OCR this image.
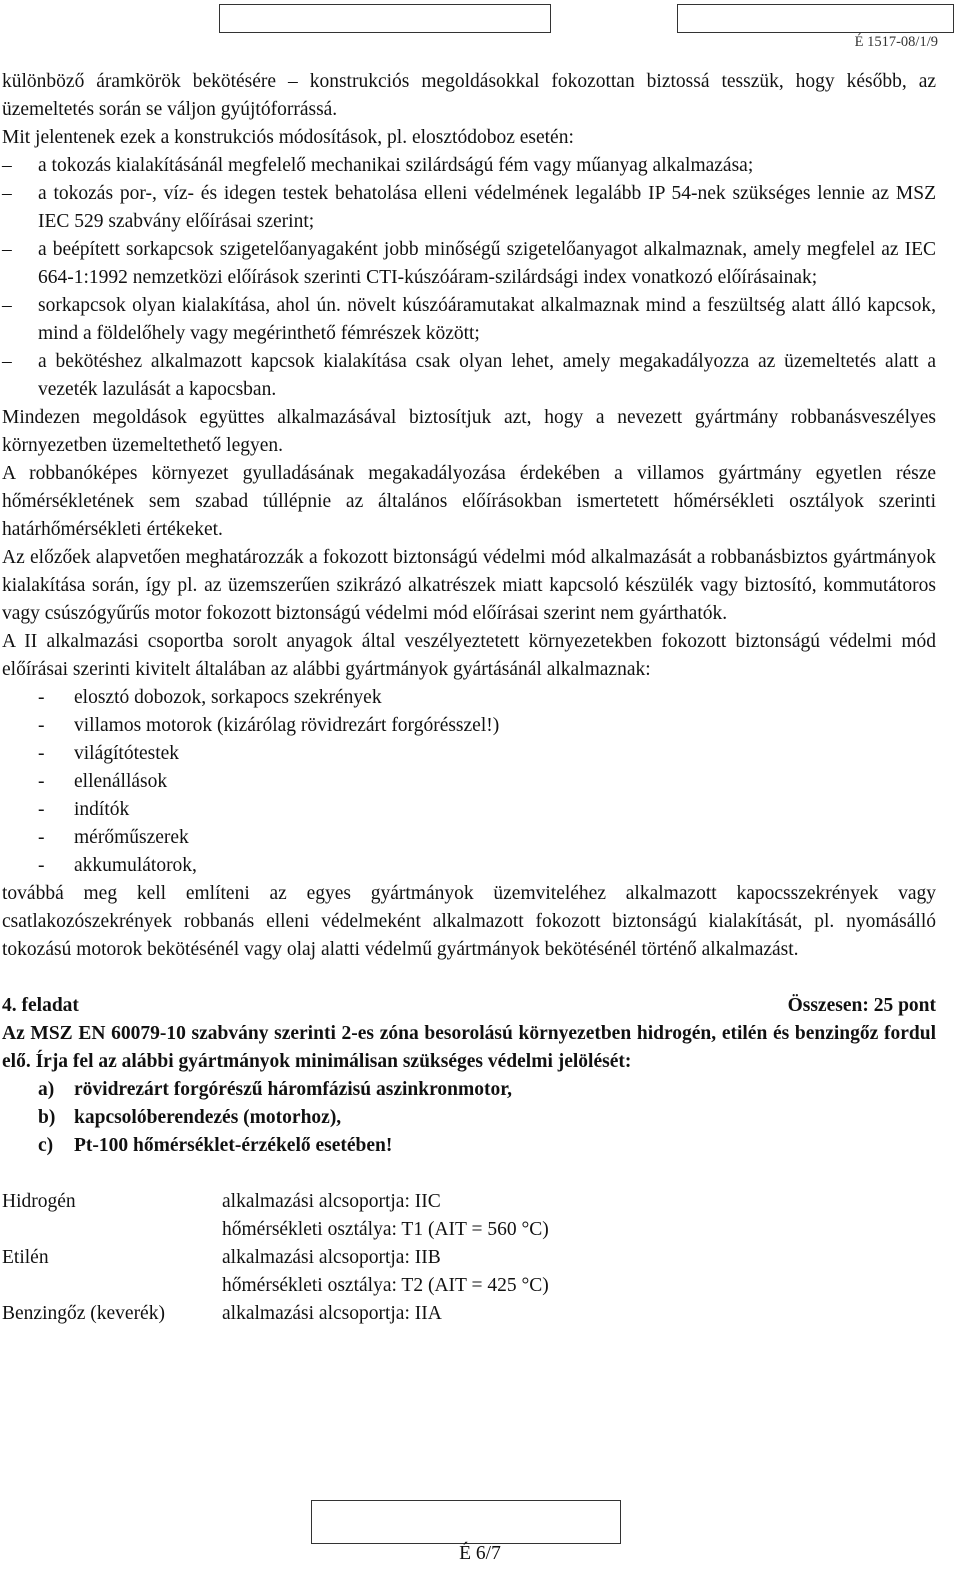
É 1517-08/1/9

különböző áramkörök bekötésére – konstrukciós megoldásokkal fokozottan biztossá tesszük, hogy később, az üzemeltetés során se váljon gyújtóforrássá.

Mit jelentenek ezek a konstrukciós módosítások, pl. elosztódoboz esetén:

– a tokozás kialakításánál megfelelő mechanikai szilárdságú fém vagy műanyag alkalmazása;
– a tokozás por-, víz- és idegen testek behatolása elleni védelmének legalább IP 54-nek szükséges lennie az MSZ IEC 529 szabvány előírásai szerint;
– a beépített sorkapcsok szigetelőanyagaként jobb minőségű szigetelőanyagot alkalmaznak, amely megfelel az IEC 664-1:1992 nemzetközi előírások szerinti CTI-kúszóáram-szilárdsági index vonatkozó előírásainak;
– sorkapcsok olyan kialakítása, ahol ún. növelt kúszóáramutakat alkalmaznak mind a feszültség alatt álló kapcsok, mind a földelőhely vagy megérinthető fémrészek között;
– a bekötéshez alkalmazott kapcsok kialakítása csak olyan lehet, amely megakadályozza az üzemeltetés alatt a vezeték lazulását a kapocsban.

Mindezen megoldások együttes alkalmazásával biztosítjuk azt, hogy a nevezett gyártmány robbanásveszélyes környezetben üzemeltethető legyen.

A robbanóképes környezet gyulladásának megakadályozása érdekében a villamos gyártmány egyetlen része hőmérsékletének sem szabad túllépnie az általános előírásokban ismertetett hőmérsékleti osztályok szerinti határhőmérsékleti értékeket.

Az előzőek alapvetően meghatározzák a fokozott biztonságú védelmi mód alkalmazását a robbanásbiztos gyártmányok kialakítása során, így pl. az üzemszerűen szikrázó alkatrészek miatt kapcsoló készülék vagy biztosító, kommutátoros vagy csúszógyűrűs motor fokozott biztonságú védelmi mód előírásai szerint nem gyárthatók.

A II alkalmazási csoportba sorolt anyagok által veszélyeztetett környezetekben fokozott biztonságú védelmi mód előírásai szerinti kivitelt általában az alábbi gyártmányok gyártásánál alkalmaznak:

- elosztó dobozok, sorkapocs szekrények
- villamos motorok (kizárólag rövidrezárt forgórésszel!)
- világítótestek
- ellenállások
- indítók
- mérőműszerek
- akkumulátorok,

továbbá meg kell említeni az egyes gyártmányok üzemviteléhez alkalmazott kapocsszekrények vagy csatlakozószekrények robbanás elleni védelmeként alkalmazott fokozott biztonságú kialakítását, pl. nyomásálló tokozású motorok bekötésénél vagy olaj alatti védelmű gyártmányok bekötésénél történő alkalmazást.

4. feladat	Összesen: 25 pont

Az MSZ EN 60079-10 szabvány szerinti 2-es zóna besorolású környezetben hidrogén, etilén és benzingőz fordul elő. Írja fel az alábbi gyártmányok minimálisan szükséges védelmi jelölését:

a) rövidrezárt forgórészű háromfázisú aszinkronmotor,
b) kapcsolóberendezés (motorhoz),
c) Pt-100 hőmérséklet-érzékelő esetében!
Hidrogén	alkalmazási alcsoportja: IIC
hőmérsékleti osztálya: T1 (AIT = 560 °C)
Etilén	alkalmazási alcsoportja: IIB
hőmérsékleti osztálya: T2 (AIT = 425 °C)
Benzingőz (keverék)	alkalmazási alcsoportja: IIA
É 6/7
